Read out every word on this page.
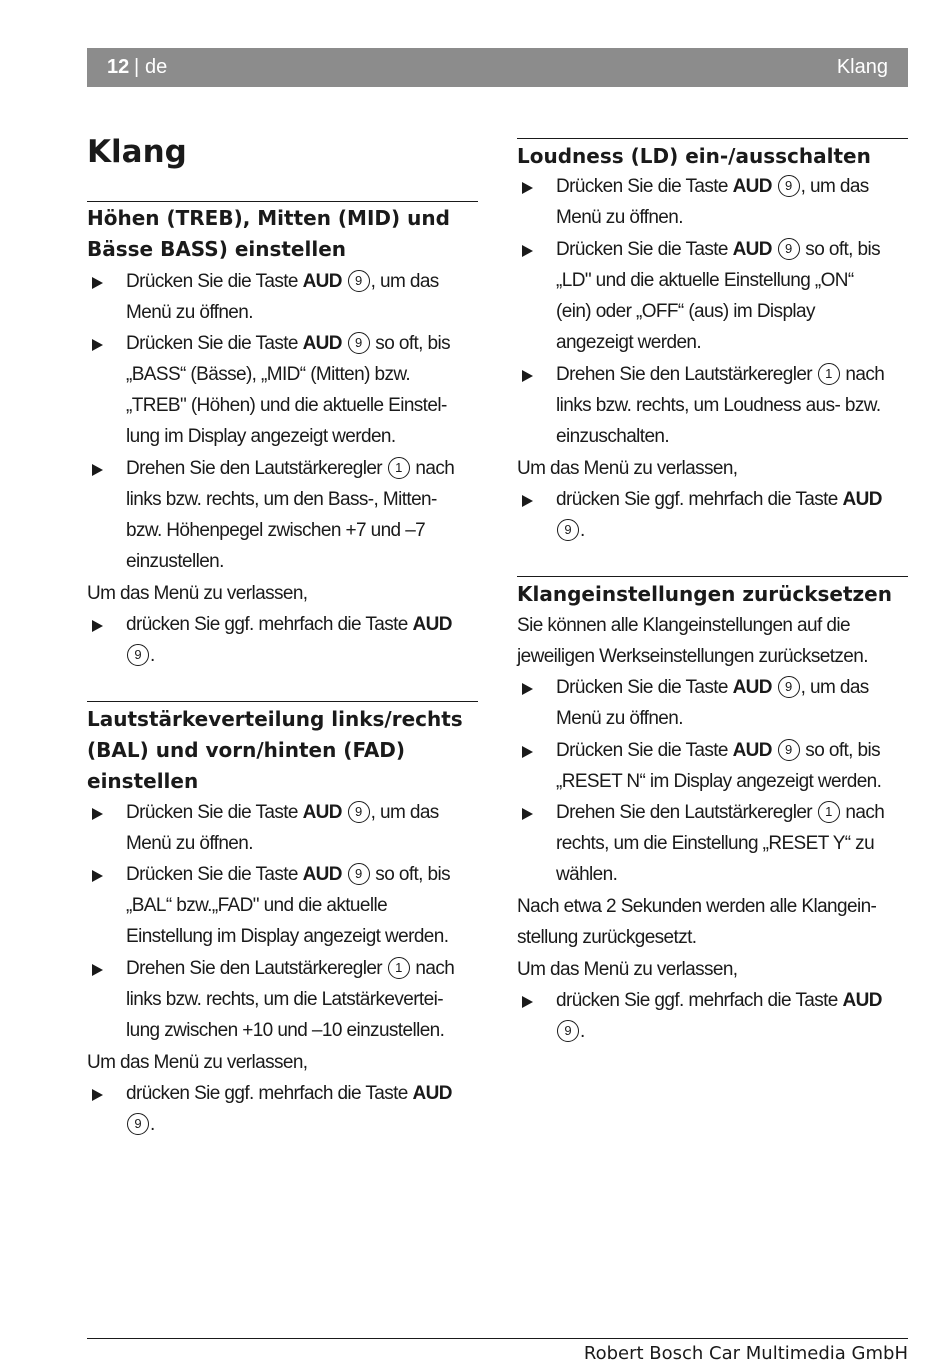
12 | de	Klang
Klang
Höhen (TREB), Mitten (MID) und
Bässe BASS) einstellen
Drücken Sie die Taste AUD 9 , um das
Menü zu öffnen.
Drücken Sie die Taste AUD 9 so oft, bis
„BASS“ (Bässe), „MID“ (Mitten) bzw.
„TREB" (Höhen) und die aktuelle Einstel-
lung im Display angezeigt werden.
Drehen Sie den Lautstärkeregler 1 nach
links bzw. rechts, um den Bass-, Mitten-
bzw. Höhenpegel zwischen +7 und –7
einzustellen.
Um das Menü zu verlassen,
drücken Sie ggf. mehrfach die Taste AUD
9 .
Lautstärkeverteilung links/rechts
(BAL) und vorn/hinten (FAD)
einstellen
Drücken Sie die Taste AUD 9 , um das
Menü zu öffnen.
Drücken Sie die Taste AUD 9 so oft, bis
„BAL“ bzw.„FAD" und die aktuelle
Einstellung im Display angezeigt werden.
Drehen Sie den Lautstärkeregler 1 nach
links bzw. rechts, um die Latstärkevertei-
lung zwischen +10 und –10 einzustellen.
Um das Menü zu verlassen,
drücken Sie ggf. mehrfach die Taste AUD
9 .
Loudness (LD) ein-/ausschalten
Drücken Sie die Taste AUD 9 , um das
Menü zu öffnen.
Drücken Sie die Taste AUD 9 so oft, bis
„LD" und die aktuelle Einstellung „ON“
(ein) oder „OFF“ (aus) im Display
angezeigt werden.
Drehen Sie den Lautstärkeregler 1 nach
links bzw. rechts, um Loudness aus- bzw.
einzuschalten.
Um das Menü zu verlassen,
drücken Sie ggf. mehrfach die Taste AUD
9 .
Klangeinstellungen zurücksetzen
Sie können alle Klangeinstellungen auf die
jeweiligen Werkseinstellungen zurücksetzen.
Drücken Sie die Taste AUD 9 , um das
Menü zu öffnen.
Drücken Sie die Taste AUD 9 so oft, bis
„RESET N“ im Display angezeigt werden.
Drehen Sie den Lautstärkeregler 1 nach
rechts, um die Einstellung „RESET Y“ zu
wählen.
Nach etwa 2 Sekunden werden alle Klangein-
stellung zurückgesetzt.
Um das Menü zu verlassen,
drücken Sie ggf. mehrfach die Taste AUD
9 .
Robert Bosch Car Multimedia GmbH
